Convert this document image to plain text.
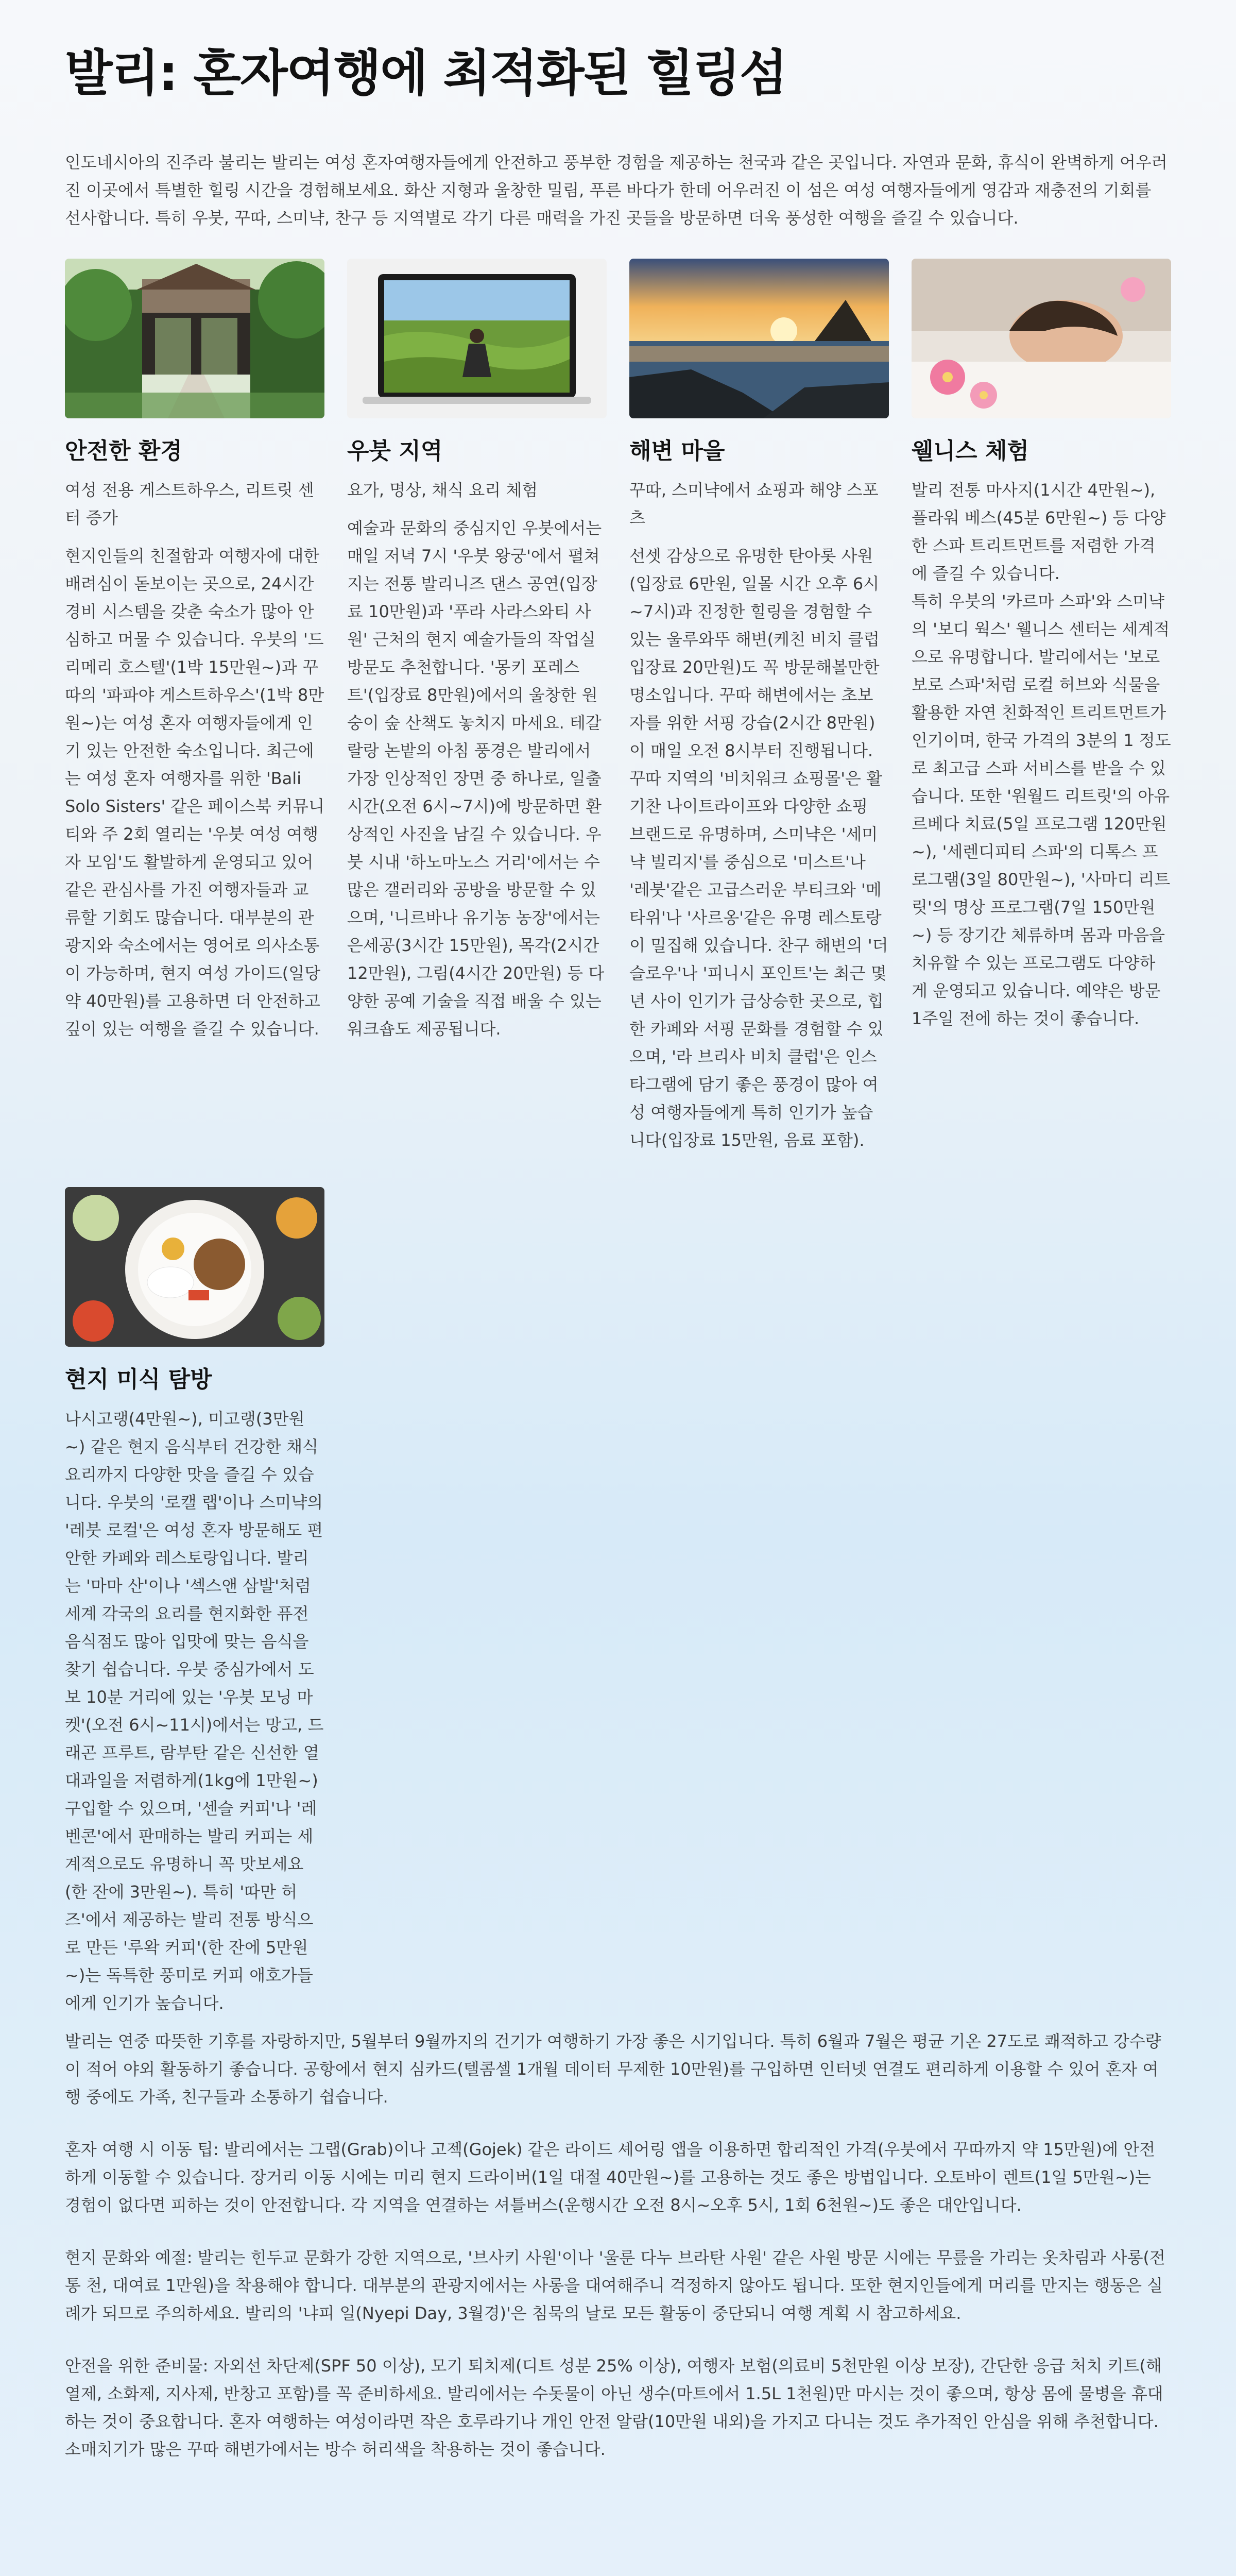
발리: 혼자여행에 최적화된 힐링섬

인도네시아의 진주라 불리는 발리는 여성 혼자여행자들에게 안전하고 풍부한 경험을 제공하는 천국과 같은 곳입니다. 자연과 문화, 휴식이 완벽하게 어우러진 이곳에서 특별한 힐링 시간을 경험해보세요. 화산 지형과 울창한 밀림, 푸른 바다가 한데 어우러진 이 섬은 여성 여행자들에게 영감과 재충전의 기회를 선사합니다. 특히 우붓, 꾸따, 스미냑, 찬구 등 지역별로 각기 다른 매력을 가진 곳들을 방문하면 더욱 풍성한 여행을 즐길 수 있습니다.

안전한 환경

여성 전용 게스트하우스, 리트릿 센터 증가

현지인들의 친절함과 여행자에 대한 배려심이 돋보이는 곳으로, 24시간 경비 시스템을 갖춘 숙소가 많아 안심하고 머물 수 있습니다. 우붓의 '드리메리 호스텔'(1박 15만원~)과 꾸따의 '파파야 게스트하우스'(1박 8만원~)는 여성 혼자 여행자들에게 인기 있는 안전한 숙소입니다. 최근에는 여성 혼자 여행자를 위한 'Bali Solo Sisters' 같은 페이스북 커뮤니티와 주 2회 열리는 '우붓 여성 여행자 모임'도 활발하게 운영되고 있어 같은 관심사를 가진 여행자들과 교류할 기회도 많습니다. 대부분의 관광지와 숙소에서는 영어로 의사소통이 가능하며, 현지 여성 가이드(일당 약 40만원)를 고용하면 더 안전하고 깊이 있는 여행을 즐길 수 있습니다.

우붓 지역

요가, 명상, 채식 요리 체험

예술과 문화의 중심지인 우붓에서는 매일 저녁 7시 '우붓 왕궁'에서 펼쳐지는 전통 발리니즈 댄스 공연(입장료 10만원)과 '푸라 사라스와티 사원' 근처의 현지 예술가들의 작업실 방문도 추천합니다. '몽키 포레스트'(입장료 8만원)에서의 울창한 원숭이 숲 산책도 놓치지 마세요. 테갈랄랑 논밭의 아침 풍경은 발리에서 가장 인상적인 장면 중 하나로, 일출 시간(오전 6시~7시)에 방문하면 환상적인 사진을 남길 수 있습니다. 우붓 시내 '하노마노스 거리'에서는 수많은 갤러리와 공방을 방문할 수 있으며, '니르바나 유기농 농장'에서는 은세공(3시간 15만원), 목각(2시간 12만원), 그림(4시간 20만원) 등 다양한 공예 기술을 직접 배울 수 있는 워크숍도 제공됩니다.

해변 마을

꾸따, 스미냑에서 쇼핑과 해양 스포츠

선셋 감상으로 유명한 탄아롯 사원(입장료 6만원, 일몰 시간 오후 6시~7시)과 진정한 힐링을 경험할 수 있는 울루와뚜 해변(케친 비치 클럽 입장료 20만원)도 꼭 방문해볼만한 명소입니다. 꾸따 해변에서는 초보자를 위한 서핑 강습(2시간 8만원)이 매일 오전 8시부터 진행됩니다. 꾸따 지역의 '비치워크 쇼핑몰'은 활기찬 나이트라이프와 다양한 쇼핑 브랜드로 유명하며, 스미냑은 '세미냑 빌리지'를 중심으로 '미스트'나 '레붓'같은 고급스러운 부티크와 '메타위'나 '사르옹'같은 유명 레스토랑이 밀집해 있습니다. 찬구 해변의 '더 슬로우'나 '피니시 포인트'는 최근 몇 년 사이 인기가 급상승한 곳으로, 힙한 카페와 서핑 문화를 경험할 수 있으며, '라 브리사 비치 클럽'은 인스타그램에 담기 좋은 풍경이 많아 여성 여행자들에게 특히 인기가 높습니다(입장료 15만원, 음료 포함).

웰니스 체험

발리 전통 마사지(1시간 4만원~), 플라워 베스(45분 6만원~) 등 다양한 스파 트리트먼트를 저렴한 가격에 즐길 수 있습니다.

특히 우붓의 '카르마 스파'와 스미냑의 '보디 웍스' 웰니스 센터는 세계적으로 유명합니다. 발리에서는 '보로 보로 스파'처럼 로컬 허브와 식물을 활용한 자연 친화적인 트리트먼트가 인기이며, 한국 가격의 3분의 1 정도로 최고급 스파 서비스를 받을 수 있습니다. 또한 '원월드 리트릿'의 아유르베다 치료(5일 프로그램 120만원~), '세렌디피티 스파'의 디톡스 프로그램(3일 80만원~), '사마디 리트릿'의 명상 프로그램(7일 150만원~) 등 장기간 체류하며 몸과 마음을 치유할 수 있는 프로그램도 다양하게 운영되고 있습니다. 예약은 방문 1주일 전에 하는 것이 좋습니다.

현지 미식 탐방

나시고랭(4만원~), 미고랭(3만원~) 같은 현지 음식부터 건강한 채식 요리까지 다양한 맛을 즐길 수 있습니다. 우붓의 '로캘 랩'이나 스미냑의 '레붓 로컬'은 여성 혼자 방문해도 편안한 카페와 레스토랑입니다. 발리는 '마마 산'이나 '섹스앤 삼발'처럼 세계 각국의 요리를 현지화한 퓨전 음식점도 많아 입맛에 맞는 음식을 찾기 쉽습니다. 우붓 중심가에서 도보 10분 거리에 있는 '우붓 모닝 마켓'(오전 6시~11시)에서는 망고, 드래곤 프루트, 람부탄 같은 신선한 열대과일을 저렴하게(1kg에 1만원~) 구입할 수 있으며, '센슬 커피'나 '레벤콘'에서 판매하는 발리 커피는 세계적으로도 유명하니 꼭 맛보세요(한 잔에 3만원~). 특히 '따만 허즈'에서 제공하는 발리 전통 방식으로 만든 '루왁 커피'(한 잔에 5만원~)는 독특한 풍미로 커피 애호가들에게 인기가 높습니다.

발리는 연중 따뜻한 기후를 자랑하지만, 5월부터 9월까지의 건기가 여행하기 가장 좋은 시기입니다. 특히 6월과 7월은 평균 기온 27도로 쾌적하고 강수량이 적어 야외 활동하기 좋습니다. 공항에서 현지 심카드(텔콤셀 1개월 데이터 무제한 10만원)를 구입하면 인터넷 연결도 편리하게 이용할 수 있어 혼자 여행 중에도 가족, 친구들과 소통하기 쉽습니다.

혼자 여행 시 이동 팁: 발리에서는 그랩(Grab)이나 고젝(Gojek) 같은 라이드 셰어링 앱을 이용하면 합리적인 가격(우붓에서 꾸따까지 약 15만원)에 안전하게 이동할 수 있습니다. 장거리 이동 시에는 미리 현지 드라이버(1일 대절 40만원~)를 고용하는 것도 좋은 방법입니다. 오토바이 렌트(1일 5만원~)는 경험이 없다면 피하는 것이 안전합니다. 각 지역을 연결하는 셔틀버스(운행시간 오전 8시~오후 5시, 1회 6천원~)도 좋은 대안입니다.

현지 문화와 예절: 발리는 힌두교 문화가 강한 지역으로, '브사키 사원'이나 '울룬 다누 브라탄 사원' 같은 사원 방문 시에는 무릎을 가리는 옷차림과 사롱(전통 천, 대여료 1만원)을 착용해야 합니다. 대부분의 관광지에서는 사롱을 대여해주니 걱정하지 않아도 됩니다. 또한 현지인들에게 머리를 만지는 행동은 실례가 되므로 주의하세요. 발리의 '냐피 일(Nyepi Day, 3월경)'은 침묵의 날로 모든 활동이 중단되니 여행 계획 시 참고하세요.

안전을 위한 준비물: 자외선 차단제(SPF 50 이상), 모기 퇴치제(디트 성분 25% 이상), 여행자 보험(의료비 5천만원 이상 보장), 간단한 응급 처치 키트(해열제, 소화제, 지사제, 반창고 포함)를 꼭 준비하세요. 발리에서는 수돗물이 아닌 생수(마트에서 1.5L 1천원)만 마시는 것이 좋으며, 항상 몸에 물병을 휴대하는 것이 중요합니다. 혼자 여행하는 여성이라면 작은 호루라기나 개인 안전 알람(10만원 내외)을 가지고 다니는 것도 추가적인 안심을 위해 추천합니다. 소매치기가 많은 꾸따 해변가에서는 방수 허리색을 착용하는 것이 좋습니다.
